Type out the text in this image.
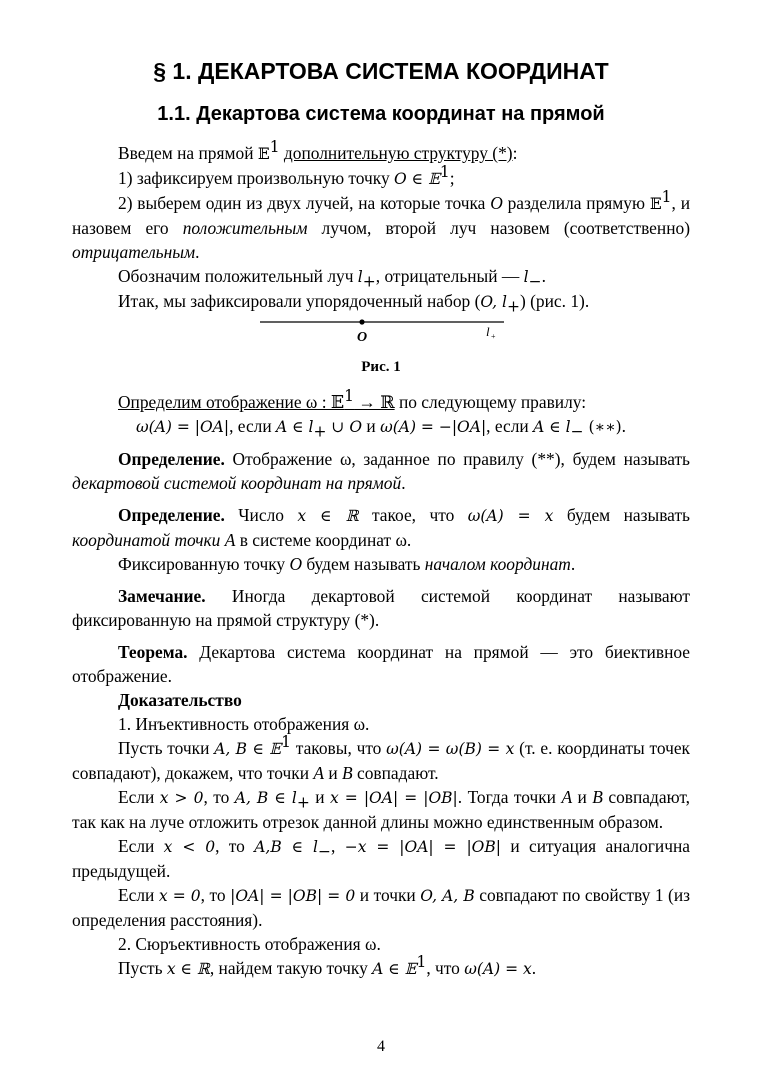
§ 1. ДЕКАРТОВА СИСТЕМА КООРДИНАТ
1.1. Декартова система координат на прямой

Введем на прямой 𝔼$^1$ дополнительную структуру (*):

1) зафиксируем произвольную точку O ∈ 𝔼$^1$;

2) выберем один из двух лучей, на которые точка O разделила прямую 𝔼$^1$, и назовем его положительным лучом, второй луч назовем (соответственно) отрицательным.

Обозначим положительный луч $l_+$, отрицательный — $l_-$.

Итак, мы зафиксировали упорядоченный набор (O, $l_+$) (рис. 1).

O	l +

Рис. 1

Определим отображение ω : 𝔼$^1$ → ℝ по следующему правилу:

ω(A) = |OA|, если A ∈ $l_+$ ∪ O и ω(A) = −|OA|, если A ∈ $l_-$ (∗∗).

Определение. Отображение ω, заданное по правилу (**), будем называть декартовой системой координат на прямой.

Определение. Число x ∈ ℝ такое, что ω(A) = x будем называть координатой точки A в системе координат ω.

Фиксированную точку O будем называть началом координат.

Замечание. Иногда декартовой системой координат называют фиксированную на прямой структуру (*).

Теорема. Декартова система координат на прямой — это биективное отображение.

Доказательство

1. Инъективность отображения ω.

Пусть точки A, B ∈ 𝔼$^1$ таковы, что ω(A) = ω(B) = x (т. е. координаты точек совпадают), докажем, что точки A и B совпадают.

Если x > 0, то A, B ∈ $l_+$ и x = |OA| = |OB|. Тогда точки A и B совпадают, так как на луче отложить отрезок данной длины можно единственным образом.

Если x < 0, то A,B ∈ $l_-$, −x = |OA| = |OB| и ситуация аналогична предыдущей.

Если x = 0, то |OA| = |OB| = 0 и точки O, A, B совпадают по свойству 1 (из определения расстояния).

2. Сюръективность отображения ω.

Пусть x ∈ ℝ, найдем такую точку A ∈ 𝔼$^1$, что ω(A) = x.

4
